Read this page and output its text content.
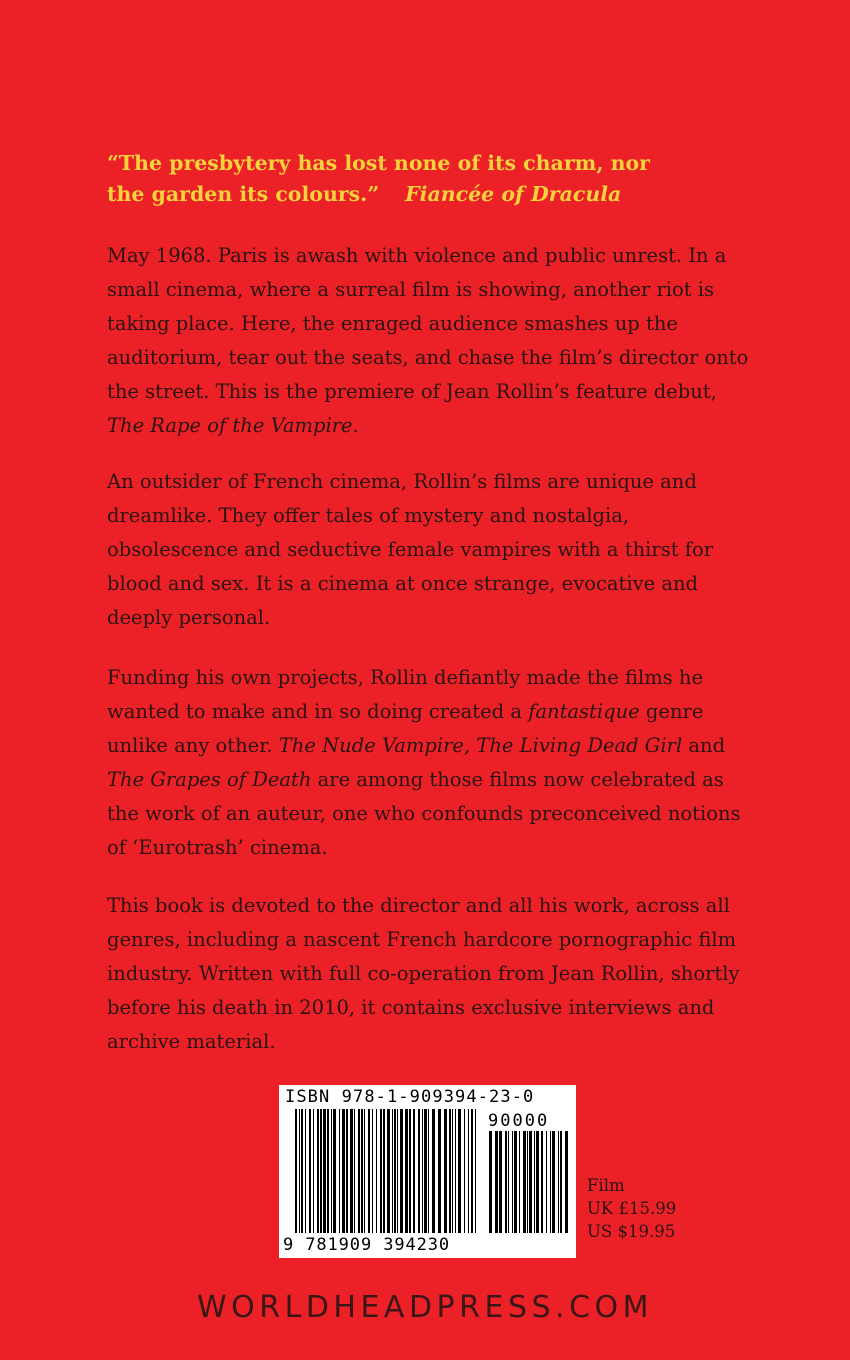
“The presbytery has lost none of its charm, nor
the garden its colours.” Fiancée of Dracula

May 1968. Paris is awash with violence and public unrest. In a small cinema, where a surreal film is showing, another riot is taking place. Here, the enraged audience smashes up the auditorium, tear out the seats, and chase the film’s director onto the street. This is the premiere of Jean Rollin’s feature debut, The Rape of the Vampire.

An outsider of French cinema, Rollin’s films are unique and dreamlike. They offer tales of mystery and nostalgia, obsolescence and seductive female vampires with a thirst for blood and sex. It is a cinema at once strange, evocative and deeply personal.

Funding his own projects, Rollin defiantly made the films he wanted to make and in so doing created a fantastique genre unlike any other. The Nude Vampire, The Living Dead Girl and The Grapes of Death are among those films now celebrated as the work of an auteur, one who confounds preconceived notions of ‘Eurotrash’ cinema.

This book is devoted to the director and all his work, across all genres, including a nascent French hardcore pornographic film industry. Written with full co-operation from Jean Rollin, shortly before his death in 2010, it contains exclusive interviews and archive material.

ISBN 978-1-909394-23-0
90000
9 781909 394230
Film
UK £15.99
US $19.95
WORLDHEADPRESS.COM
